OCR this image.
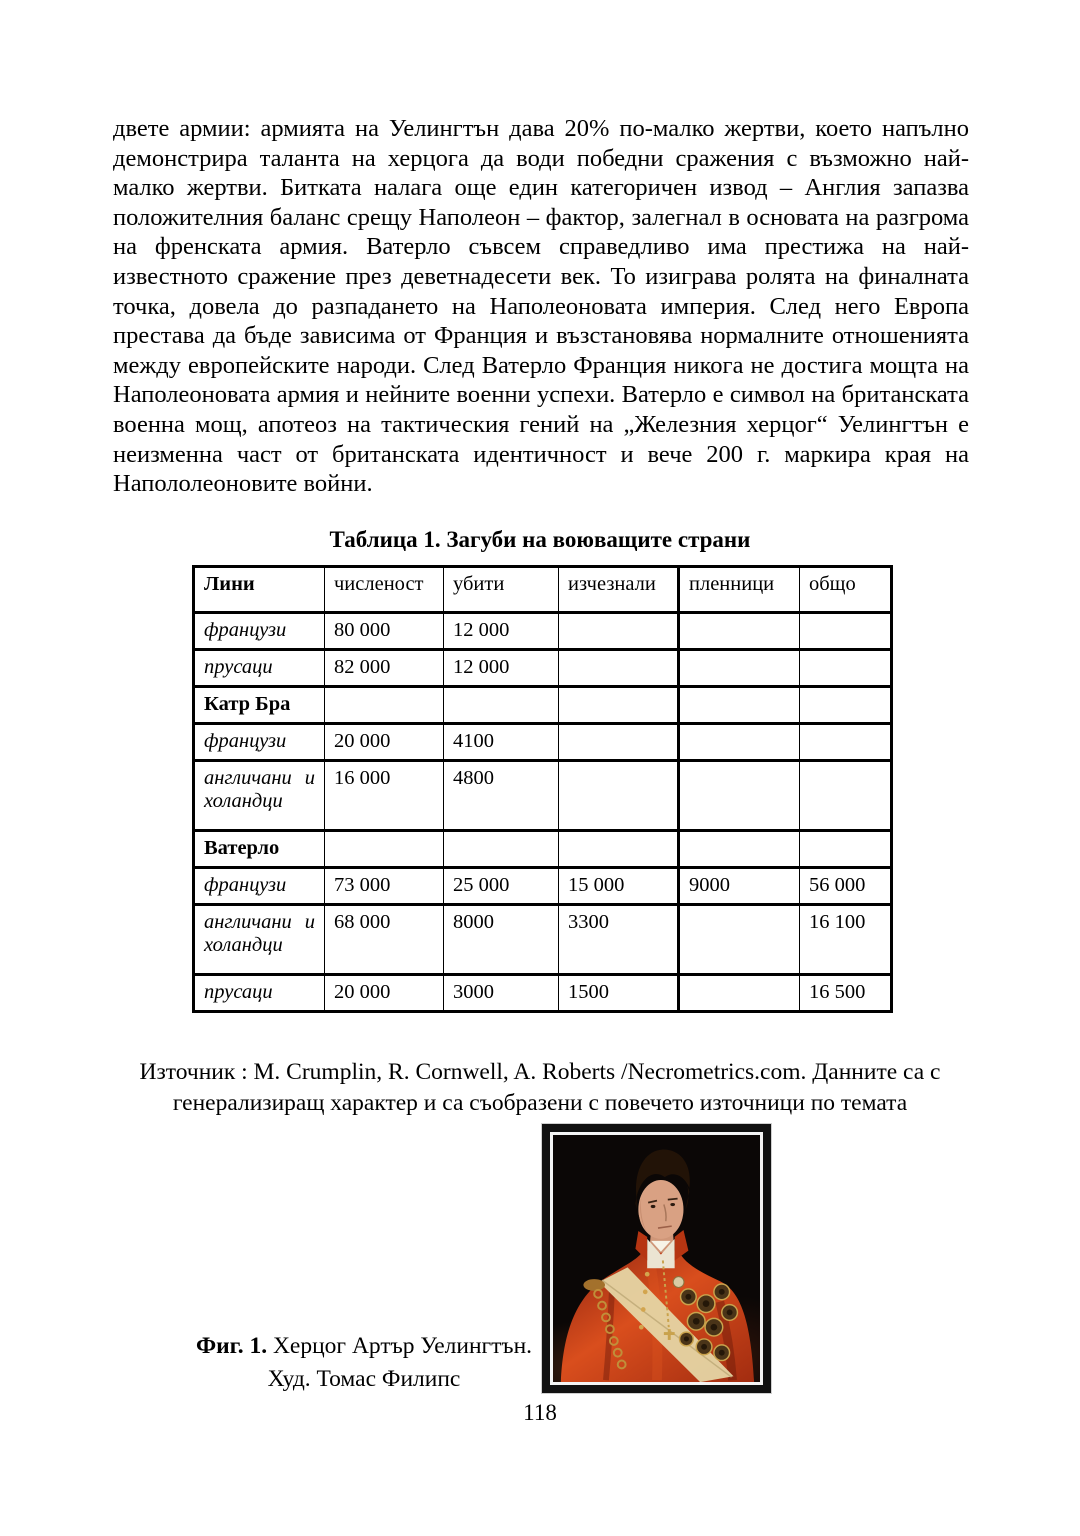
двете армии: армията на Уелингтън дава 20% по-малко жертви, което напълно демонстрира таланта на херцога да води победни сражения с възможно най-малко жертви. Битката налага още един категоричен извод – Англия запазва положителния баланс срещу Наполеон – фактор, залегнал в основата на разгрома на френската армия. Ватерло съвсем справедливо има престижа на най-известното сражение през деветнадесети век. То изиграва ролята на финалната точка, довела до разпадането на Наполеоновата империя. След него Европа престава да бъде зависима от Франция и възстановява нормалните отношенията между европейските народи. След Ватерло Франция никога не достига мощта на Наполеоновата армия и нейните военни успехи. Ватерло е символ на британската военна мощ, апотеоз на тактическия гений на „Железния херцог“ Уелингтън е неизменна част от британската идентичност и вече 200 г. маркира края на Напололеоновите войни.

Таблица 1. Загуби на воюващите страни
Лини	численост	убити	изчезнали	пленници	общо
французи	80 000	12 000			
прусаци	82 000	12 000			
Катр Бра					
французи	20 000	4100			
англичани и холандци	16 000	4800			
Ватерло					
французи	73 000	25 000	15 000	9000	56 000
англичани и холандци	68 000	8000	3300		16 100
прусаци	20 000	3000	1500		16 500

Източник : M. Crumplin, R. Cornwell, A. Roberts /Necrometrics.com. Данните са с генерализиращ характер и са съобразени с повечето източници по темата

Фиг. 1. Херцог Артър Уелингтън.
Худ. Томас Филипс
118
